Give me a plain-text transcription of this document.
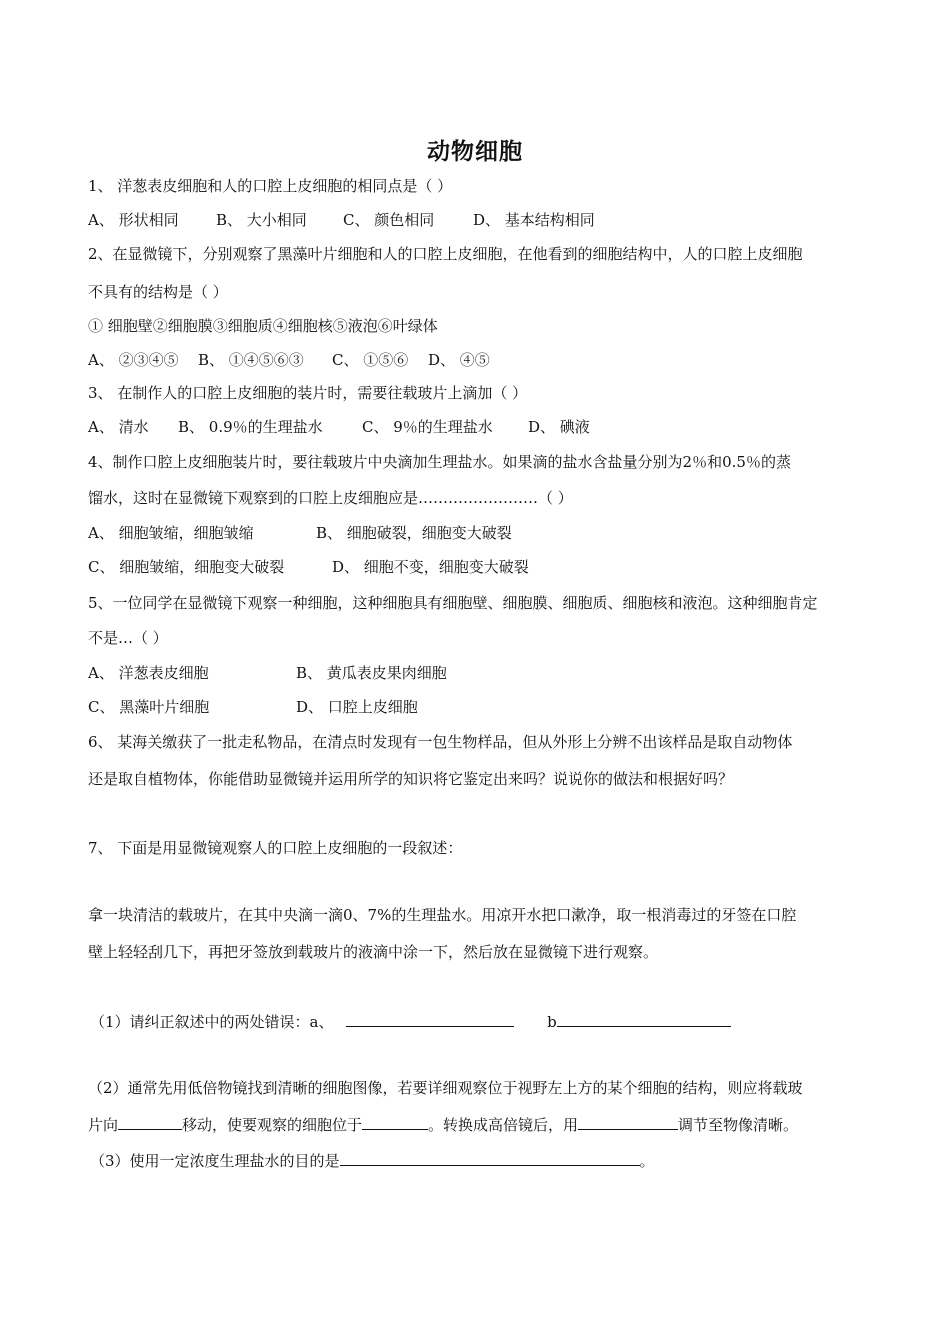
动物细胞
1、 洋葱表皮细胞和人的口腔上皮细胞的相同点是（ ）
A、 形状相同 B、 大小相同 C、 颜色相同	D、 基本结构相同
2、在显微镜下，分别观察了黑藻叶片细胞和人的口腔上皮细胞，在他看到的细胞结构中，人的口腔上皮细胞
不具有的结构是（ ）
① 细胞壁②细胞膜③细胞质④细胞核⑤液泡⑥叶绿体
A、 ②③④⑤ B、 ①④⑤⑥③ C、 ①⑤⑥ D、 ④⑤
3、 在制作人的口腔上皮细胞的装片时，需要往载玻片上滴加（ ）
A、 清水 B、 0.9％的生理盐水	C、 9％的生理盐水 D、 碘液
4、制作口腔上皮细胞装片时，要往载玻片中央滴加生理盐水。如果滴的盐水含盐量分别为2％和0.5％的蒸
馏水，这时在显微镜下观察到的口腔上皮细胞应是……………………（ ）
A、 细胞皱缩，细胞皱缩	B、 细胞破裂，细胞变大破裂
C、 细胞皱缩，细胞变大破裂	D、 细胞不变，细胞变大破裂
5、一位同学在显微镜下观察一种细胞，这种细胞具有细胞壁、细胞膜、细胞质、细胞核和液泡。这种细胞肯定
不是…（ ）
A、 洋葱表皮细胞	B、 黄瓜表皮果肉细胞
C、 黑藻叶片细胞	D、 口腔上皮细胞
6、 某海关缴获了一批走私物品，在清点时发现有一包生物样品，但从外形上分辨不出该样品是取自动物体
还是取自植物体，你能借助显微镜并运用所学的知识将它鉴定出来吗？说说你的做法和根据好吗？
7、 下面是用显微镜观察人的口腔上皮细胞的一段叙述：
拿一块清洁的载玻片，在其中央滴一滴0、7%的生理盐水。用凉开水把口漱净，取一根消毒过的牙签在口腔
壁上轻轻刮几下，再把牙签放到载玻片的液滴中涂一下，然后放在显微镜下进行观察。
（1）请纠正叙述中的两处错误：a、	b
（2）通常先用低倍物镜找到清晰的细胞图像，若要详细观察位于视野左上方的某个细胞的结构，则应将载玻
片向	移动，使要观察的细胞位于	。转换成高倍镜后，用	调节至物像清晰。
（3）使用一定浓度生理盐水的目的是	。
